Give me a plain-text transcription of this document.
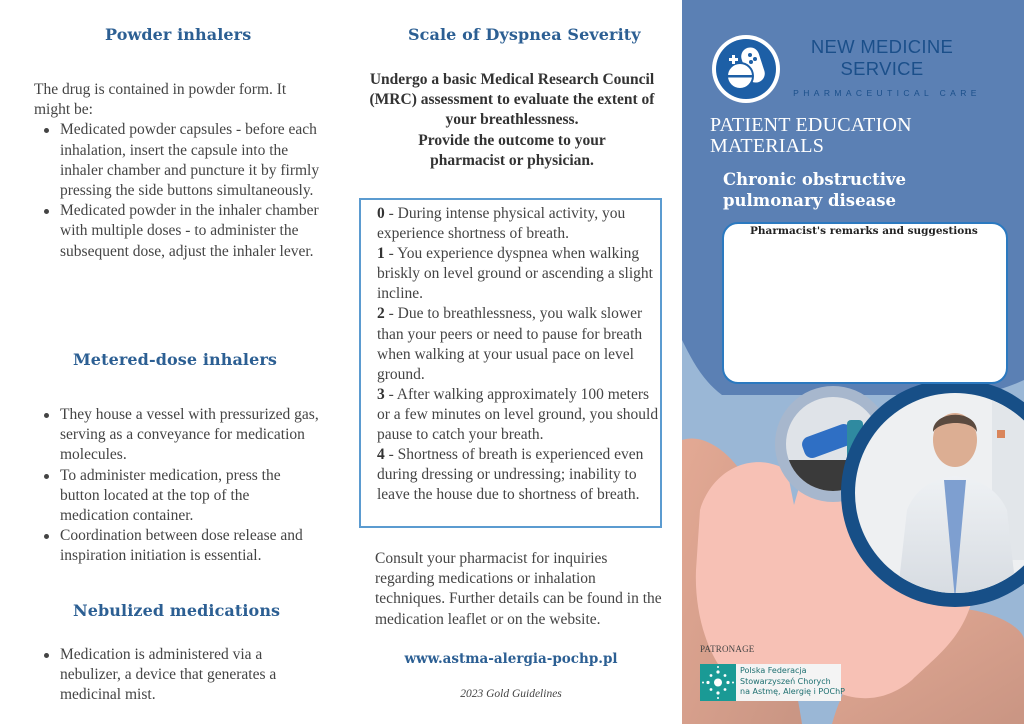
Powder inhalers
The drug is contained in powder form. It might be:
Medicated powder capsules - before each inhalation, insert the capsule into the inhaler chamber and puncture it by firmly pressing the side buttons simultaneously.
Medicated powder in the inhaler chamber with multiple doses - to administer the subsequent dose, adjust the inhaler lever.
Metered-dose inhalers
They house a vessel with pressurized gas, serving as a conveyance for medication molecules.
To administer medication, press the button located at the top of the medication container.
Coordination between dose release and inspiration initiation is essential.
Nebulized medications
Medication is administered via a nebulizer, a device that generates a medicinal mist.
Scale of Dyspnea Severity
Undergo a basic Medical Research Council (MRC) assessment to evaluate the extent of your breathlessness.
Provide the outcome to your pharmacist or physician.
0 - During intense physical activity, you experience shortness of breath.
1 - You experience dyspnea when walking briskly on level ground or ascending a slight incline.
2 - Due to breathlessness, you walk slower than your peers or need to pause for breath when walking at your usual pace on level ground.
3 - After walking approximately 100 meters or a few minutes on level ground, you should pause to catch your breath.
4 - Shortness of breath is experienced even during dressing or undressing; inability to leave the house due to shortness of breath.
Consult your pharmacist for inquiries regarding medications or inhalation techniques. Further details can be found in the medication leaflet or on the website.
www.astma-alergia-pochp.pl
2023 Gold Guidelines
NEW MEDICINE SERVICE
PHARMACEUTICAL CARE
PATIENT EDUCATION MATERIALS
Chronic obstructive pulmonary disease
Pharmacist's remarks and suggestions
PATRONAGE
Polska Federacja
Stowarzyszeń Chorych
na Astmę, Alergię i POChP
